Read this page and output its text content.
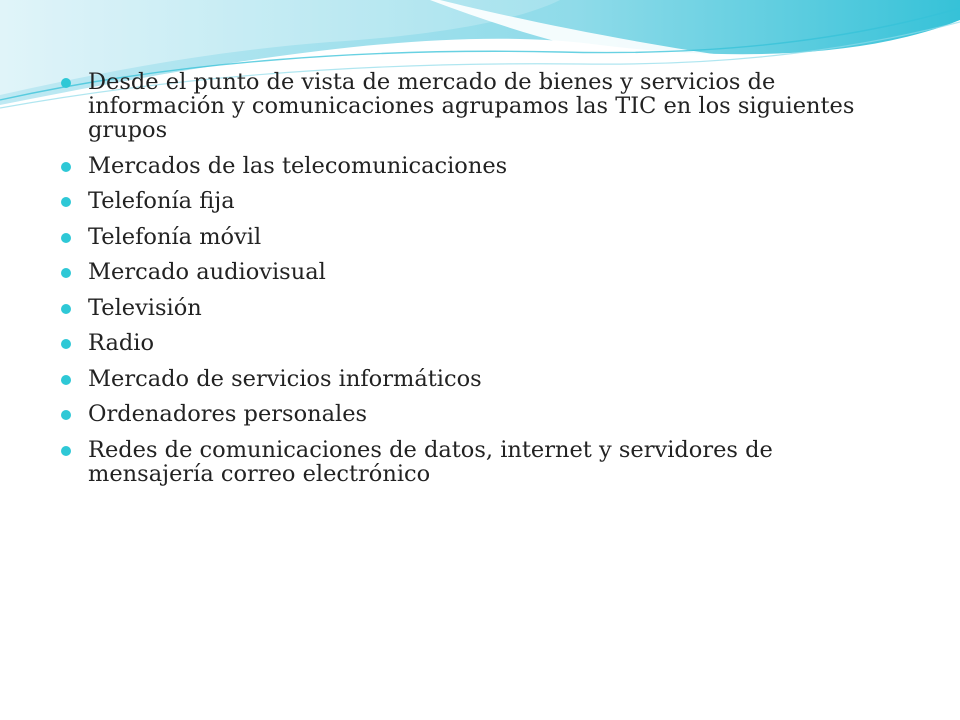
Desde el punto de vista de mercado de bienes y servicios de información y comunicaciones agrupamos las TIC en los siguientes grupos
Mercados de las telecomunicaciones
Telefonía fija
Telefonía móvil
Mercado audiovisual
Televisión
Radio
Mercado de servicios informáticos
Ordenadores personales
Redes de comunicaciones de datos, internet y servidores de mensajería correo electrónico
